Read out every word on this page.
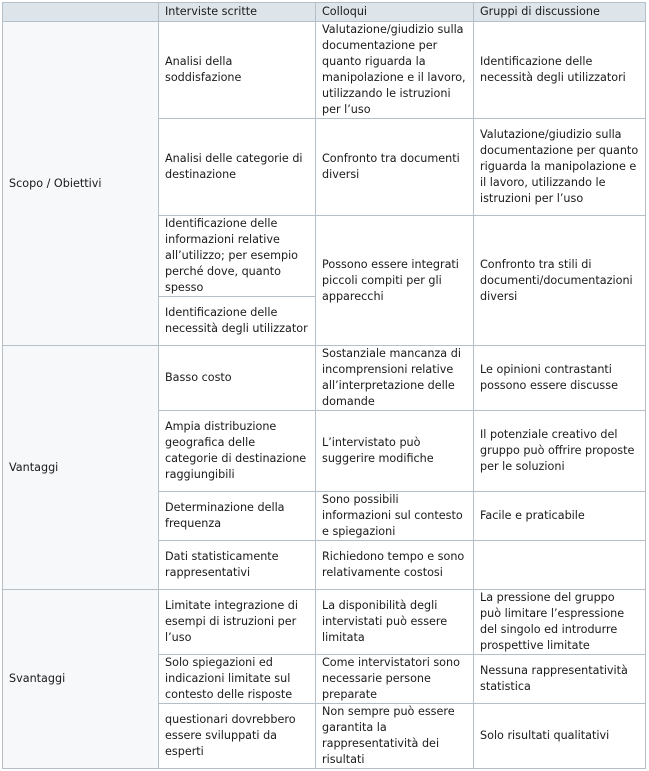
	Interviste scritte	Colloqui	Gruppi di discussione
Scopo / Obiettivi	Analisi della soddisfazione	Valutazione/giudizio sulla documentazione per quanto riguarda la manipolazione e il lavoro, utilizzando le istruzioni per l’uso	Identificazione delle necessità degli utilizzatori
	Analisi delle categorie di destinazione	Confronto tra documenti diversi	Valutazione/giudizio sulla documentazione per quanto riguarda la manipolazione e il lavoro, utilizzando le istruzioni per l’uso
	Identificazione delle informazioni relative all’utilizzo; per esempio perché dove, quanto spesso	Possono essere integrati piccoli compiti per gli apparecchi	Confronto tra stili di documenti/documentazioni diversi
	Identificazione delle necessità degli utilizzator		
Vantaggi	Basso costo	Sostanziale mancanza di incomprensioni relative all’interpretazione delle domande	Le opinioni contrastanti possono essere discusse
	Ampia distribuzione geografica delle categorie di destinazione raggiungibili	L’intervistato può suggerire modifiche	Il potenziale creativo del gruppo può offrire proposte per le soluzioni
	Determinazione della frequenza	Sono possibili informazioni sul contesto e spiegazioni	Facile e praticabile
	Dati statisticamente rappresentativi	Richiedono tempo e sono relativamente costosi	
Svantaggi	Limitate integrazione di esempi di istruzioni per l’uso	La disponibilità degli intervistati può essere limitata	La pressione del gruppo può limitare l’espressione del singolo ed introdurre prospettive limitate
	Solo spiegazioni ed indicazioni limitate sul contesto delle risposte	Come intervistatori sono necessarie persone preparate	Nessuna rappresentatività statistica
	questionari dovrebbero essere sviluppati da esperti	Non sempre può essere garantita la rappresentatività dei risultati	Solo risultati qualitativi
